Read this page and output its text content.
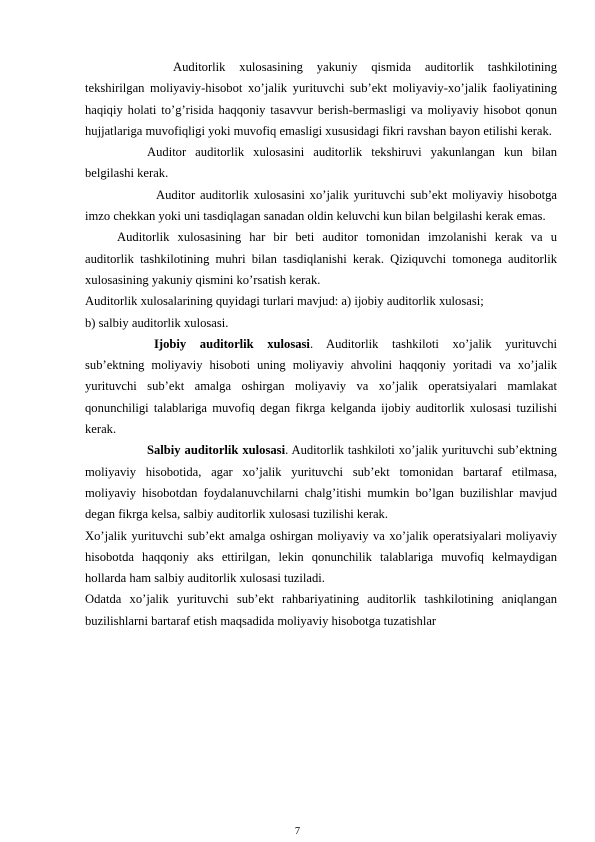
Auditorlik xulosasining yakuniy qismida auditorlik tashkilotining tekshirilgan moliyaviy-hisobot xo’jalik yurituvchi sub’ekt moliyaviy-xo’jalik faoliyatining haqiqiy holati to’g’risida haqqoniy tasavvur berish-bermasligi va moliyaviy hisobot qonun hujjatlariga muvofiqligi yoki muvofiq emasligi xususidagi fikri ravshan bayon etilishi kerak.

Auditor auditorlik xulosasini auditorlik tekshiruvi yakunlangan kun bilan belgilashi kerak.

Auditor auditorlik xulosasini xo’jalik yurituvchi sub’ekt moliyaviy hisobotga imzo chekkan yoki uni tasdiqlagan sanadan oldin keluvchi kun bilan belgilashi kerak emas.

Auditorlik xulosasining har bir beti auditor tomonidan imzolanishi kerak va u auditorlik tashkilotining muhri bilan tasdiqlanishi kerak. Qiziquvchi tomonega auditorlik xulosasining yakuniy qismini ko’rsatish kerak.

Auditorlik xulosalarining quyidagi turlari mavjud: a) ijobiy auditorlik xulosasi;

b) salbiy auditorlik xulosasi.

Ijobiy auditorlik xulosasi. Auditorlik tashkiloti xo’jalik yurituvchi sub’ektning moliyaviy hisoboti uning moliyaviy ahvolini haqqoniy yoritadi va xo’jalik yurituvchi sub’ekt amalga oshirgan moliyaviy va xo’jalik operatsiyalari mamlakat qonunchiligi talablariga muvofiq degan fikrga kelganda ijobiy auditorlik xulosasi tuzilishi kerak.

Salbiy auditorlik xulosasi. Auditorlik tashkiloti xo’jalik yurituvchi sub’ektning moliyaviy hisobotida, agar xo’jalik yurituvchi sub’ekt tomonidan bartaraf etilmasa, moliyaviy hisobotdan foydalanuvchilarni chalg’itishi mumkin bo’lgan buzilishlar mavjud degan fikrga kelsa, salbiy auditorlik xulosasi tuzilishi kerak.

Xo’jalik yurituvchi sub’ekt amalga oshirgan moliyaviy va xo’jalik operatsiyalari moliyaviy hisobotda haqqoniy aks ettirilgan, lekin qonunchilik talablariga muvofiq kelmaydigan hollarda ham salbiy auditorlik xulosasi tuziladi.

Odatda xo’jalik yurituvchi sub’ekt rahbariyatining auditorlik tashkilotining aniqlangan buzilishlarni bartaraf etish maqsadida moliyaviy hisobotga tuzatishlar

7
